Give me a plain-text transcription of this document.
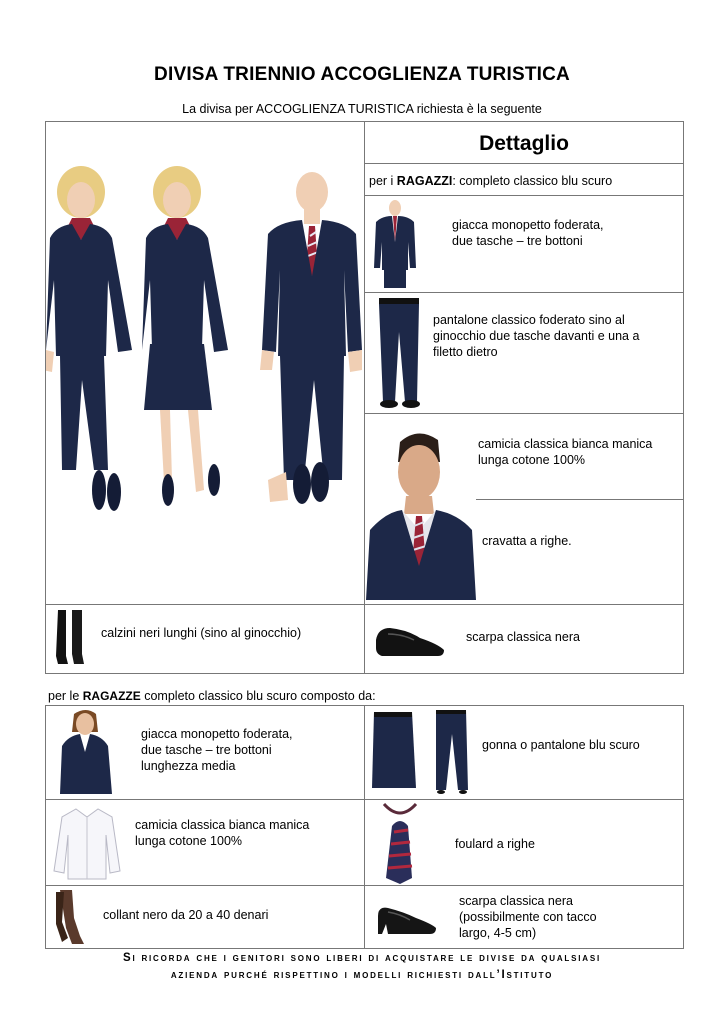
DIVISA TRIENNIO ACCOGLIENZA TURISTICA
La divisa per ACCOGLIENZA TURISTICA richiesta è la seguente
Dettaglio
per i RAGAZZI: completo classico blu scuro
giacca monopetto foderata,
due tasche – tre bottoni
pantalone classico foderato sino al
ginocchio due tasche davanti e una a
filetto dietro
camicia classica bianca manica
lunga cotone 100%
cravatta a righe.
calzini neri lunghi (sino al ginocchio)	scarpa classica nera
per le RAGAZZE completo classico blu scuro composto da:
giacca monopetto foderata,
due tasche – tre bottoni
lunghezza media
gonna o pantalone blu scuro
camicia classica bianca manica
lunga cotone 100%	foulard a righe
collant nero da 20 a 40 denari
scarpa classica nera
(possibilmente con tacco
largo, 4-5 cm)
Si ricorda che i genitori sono liberi di acquistare le divise da qualsiasi
azienda purché rispettino i modelli richiesti dall’Istituto
